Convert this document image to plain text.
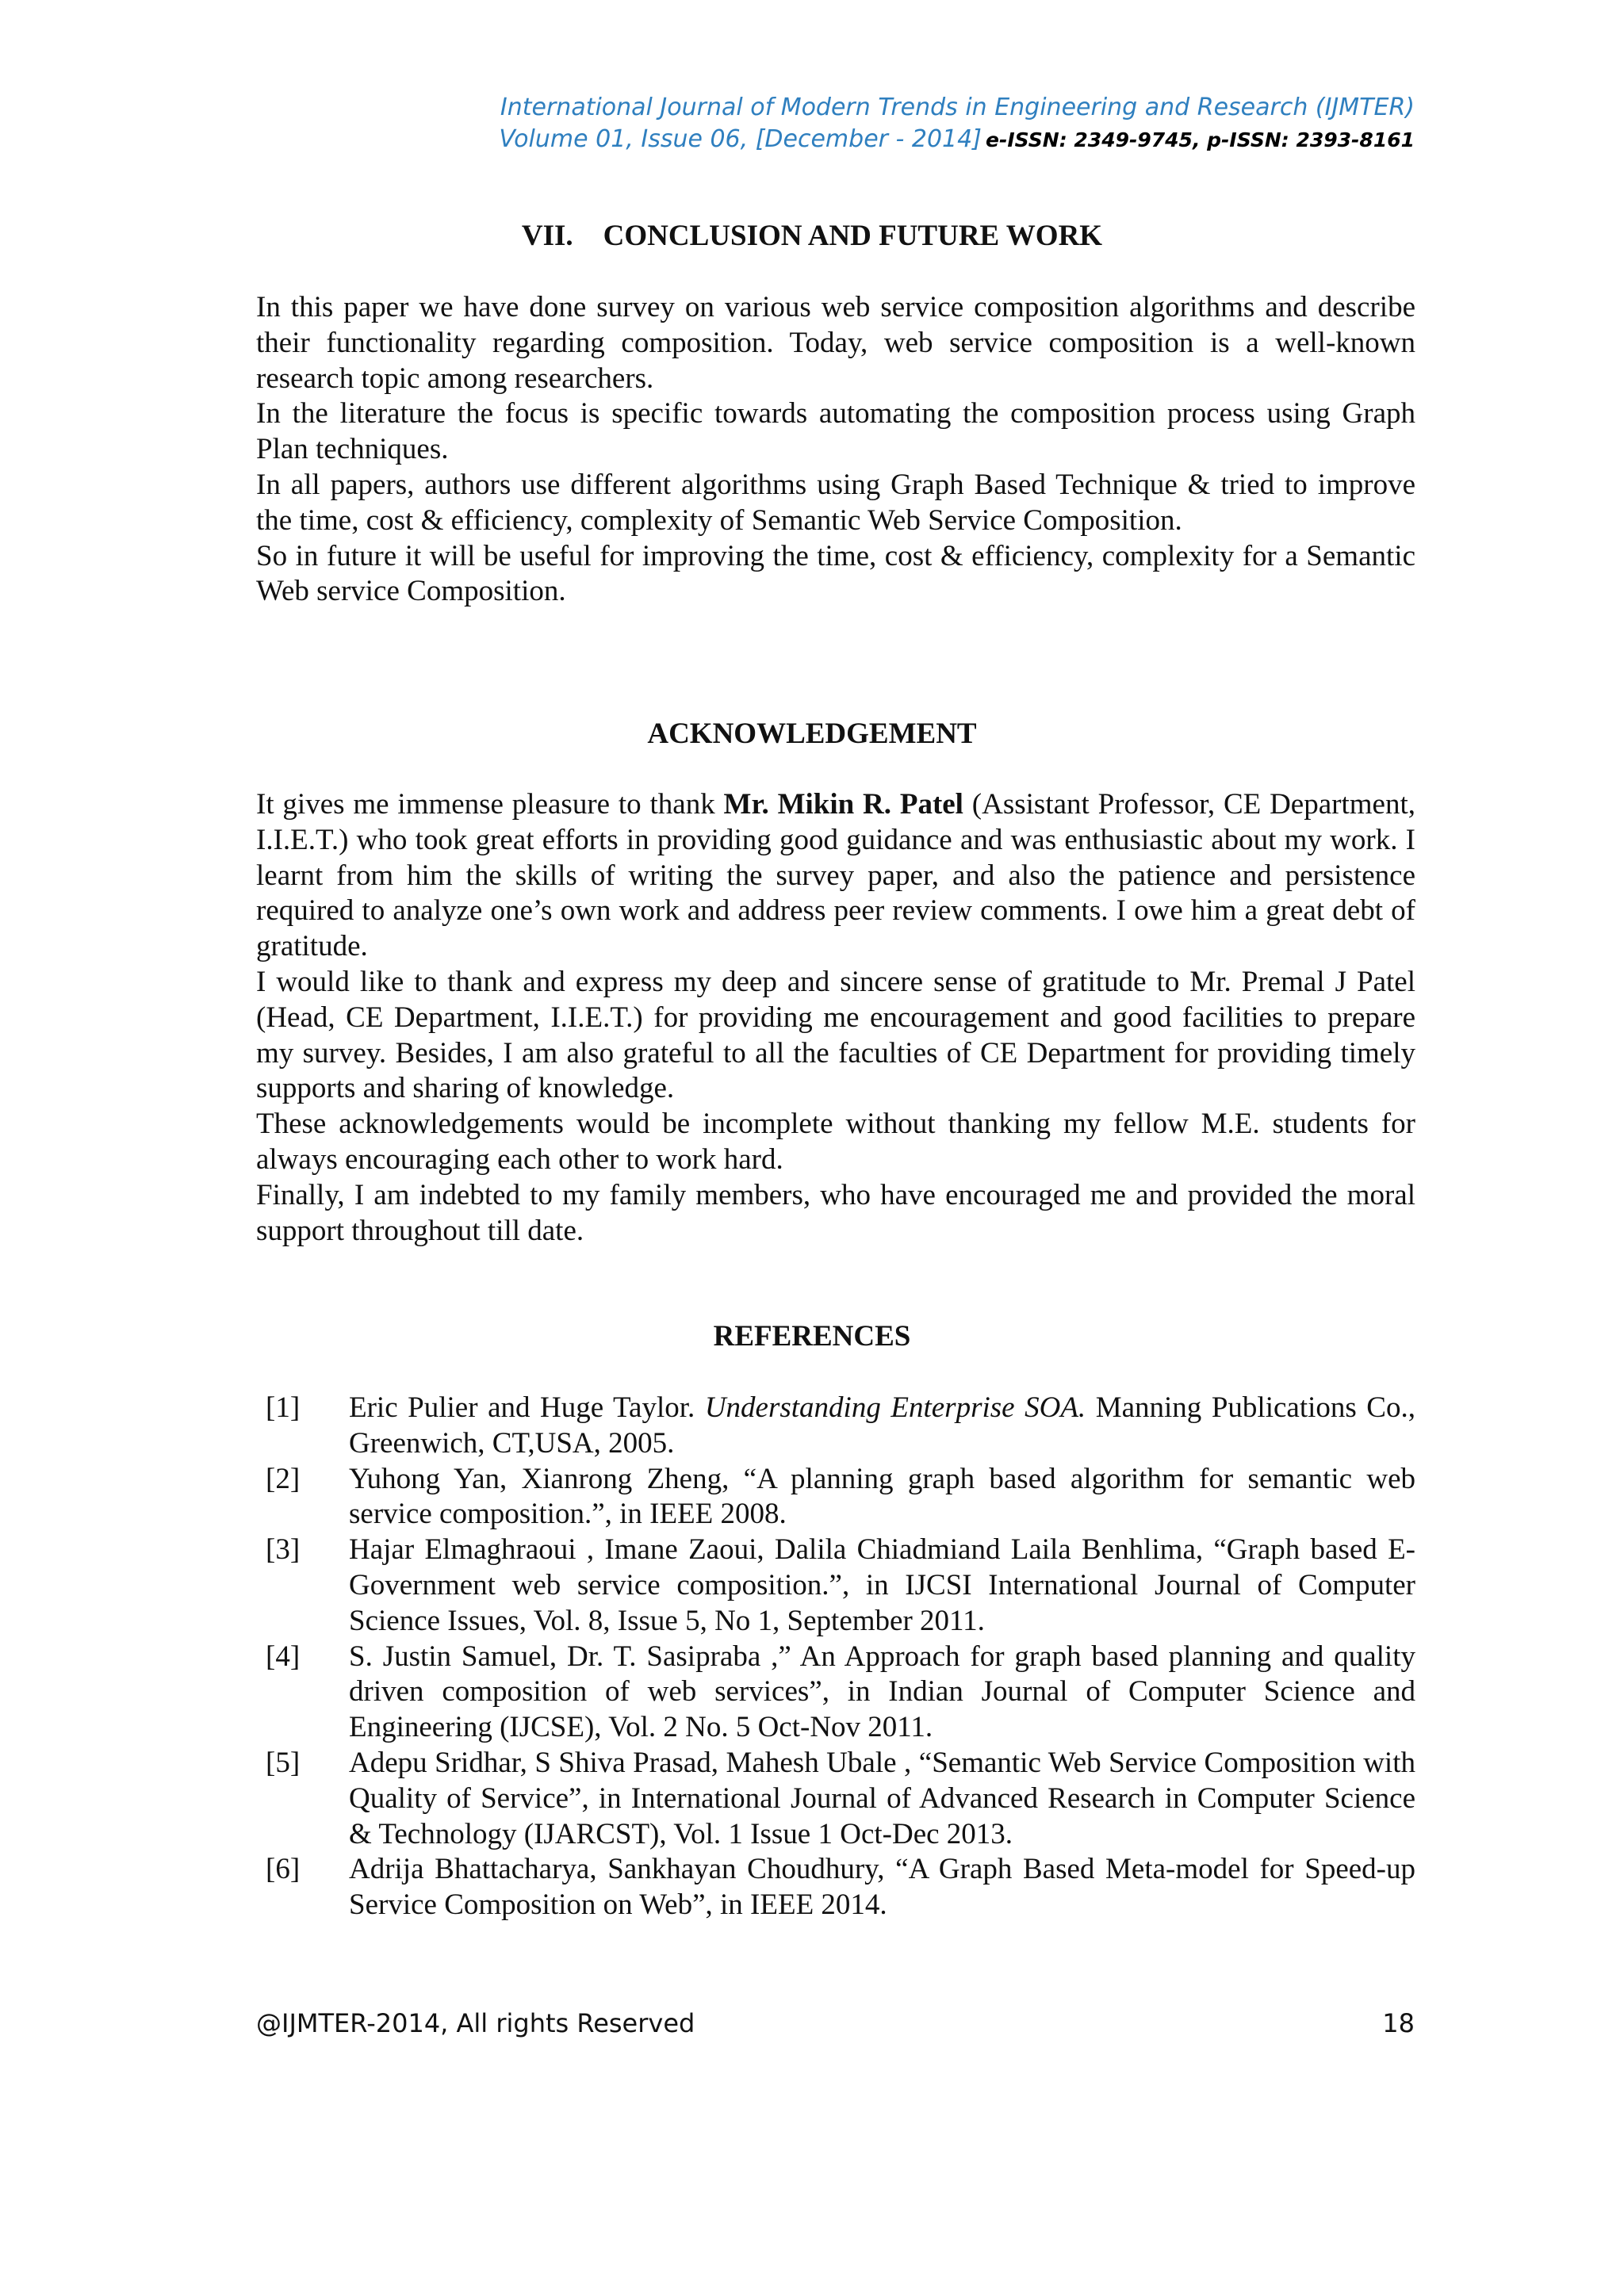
International Journal of Modern Trends in Engineering and Research (IJMTER)
Volume 01, Issue 06, [December - 2014] e-ISSN: 2349-9745, p-ISSN: 2393-8161
VII. CONCLUSION AND FUTURE WORK

In this paper we have done survey on various web service composition algorithms and describe their functionality regarding composition. Today, web service composition is a well-known research topic among researchers.

In the literature the focus is specific towards automating the composition process using Graph Plan techniques.

In all papers, authors use different algorithms using Graph Based Technique & tried to improve the time, cost & efficiency, complexity of Semantic Web Service Composition.

So in future it will be useful for improving the time, cost & efficiency, complexity for a Semantic Web service Composition.

ACKNOWLEDGEMENT

It gives me immense pleasure to thank Mr. Mikin R. Patel (Assistant Professor, CE Department, I.I.E.T.) who took great efforts in providing good guidance and was enthusiastic about my work. I learnt from him the skills of writing the survey paper, and also the patience and persistence required to analyze one’s own work and address peer review comments. I owe him a great debt of gratitude.

I would like to thank and express my deep and sincere sense of gratitude to Mr. Premal J Patel (Head, CE Department, I.I.E.T.) for providing me encouragement and good facilities to prepare my survey. Besides, I am also grateful to all the faculties of CE Department for providing timely supports and sharing of knowledge.

These acknowledgements would be incomplete without thanking my fellow M.E. students for always encouraging each other to work hard.

Finally, I am indebted to my family members, who have encouraged me and provided the moral support throughout till date.

REFERENCES
[1] Eric Pulier and Huge Taylor. Understanding Enterprise SOA. Manning Publications Co., Greenwich, CT,USA, 2005.
[2] Yuhong Yan, Xianrong Zheng, “A planning graph based algorithm for semantic web service composition.”, in IEEE 2008.
[3] Hajar Elmaghraoui , Imane Zaoui, Dalila Chiadmiand Laila Benhlima, “Graph based E-Government web service composition.”, in IJCSI International Journal of Computer Science Issues, Vol. 8, Issue 5, No 1, September 2011.
[4] S. Justin Samuel, Dr. T. Sasipraba ,” An Approach for graph based planning and quality driven composition of web services”, in Indian Journal of Computer Science and Engineering (IJCSE), Vol. 2 No. 5 Oct-Nov 2011.
[5] Adepu Sridhar, S Shiva Prasad, Mahesh Ubale , “Semantic Web Service Composition with Quality of Service”, in International Journal of Advanced Research in Computer Science & Technology (IJARCST), Vol. 1 Issue 1 Oct-Dec 2013.
[6] Adrija Bhattacharya, Sankhayan Choudhury, “A Graph Based Meta-model for Speed-up Service Composition on Web”, in IEEE 2014.
@IJMTER-2014, All rights Reserved	18
